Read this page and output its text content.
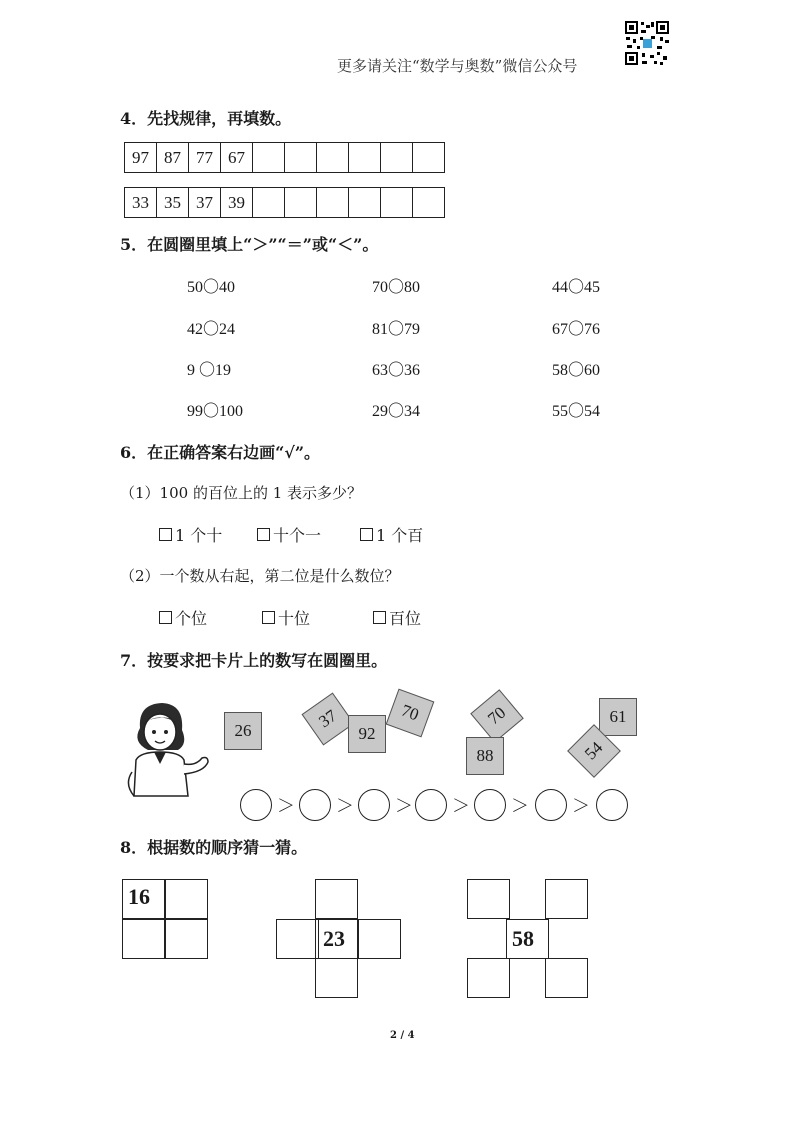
更多请关注“数学与奥数”微信公众号
4．先找规律，再填数。
97	87	77	67						
33	35	37	39						
5．在圆圈里填上“＞”“＝”或“＜”。
50〇40	70〇80	44〇45
42〇24	81〇79	67〇76
9 〇19	63〇36	58〇60
99〇100	29〇34	55〇54
6．在正确答案右边画“√”。
（1）100 的百位上的 1 表示多少？
1 个十	十个一	1 个百
（2）一个数从右起，第二位是什么数位？
个位	十位	百位
7．按要求把卡片上的数写在圆圈里。
26	37
92
70	70
88
61
54
＞ ＞ ＞ ＞ ＞ ＞
8．根据数的顺序猜一猜。
16
23	58
2 / 4
